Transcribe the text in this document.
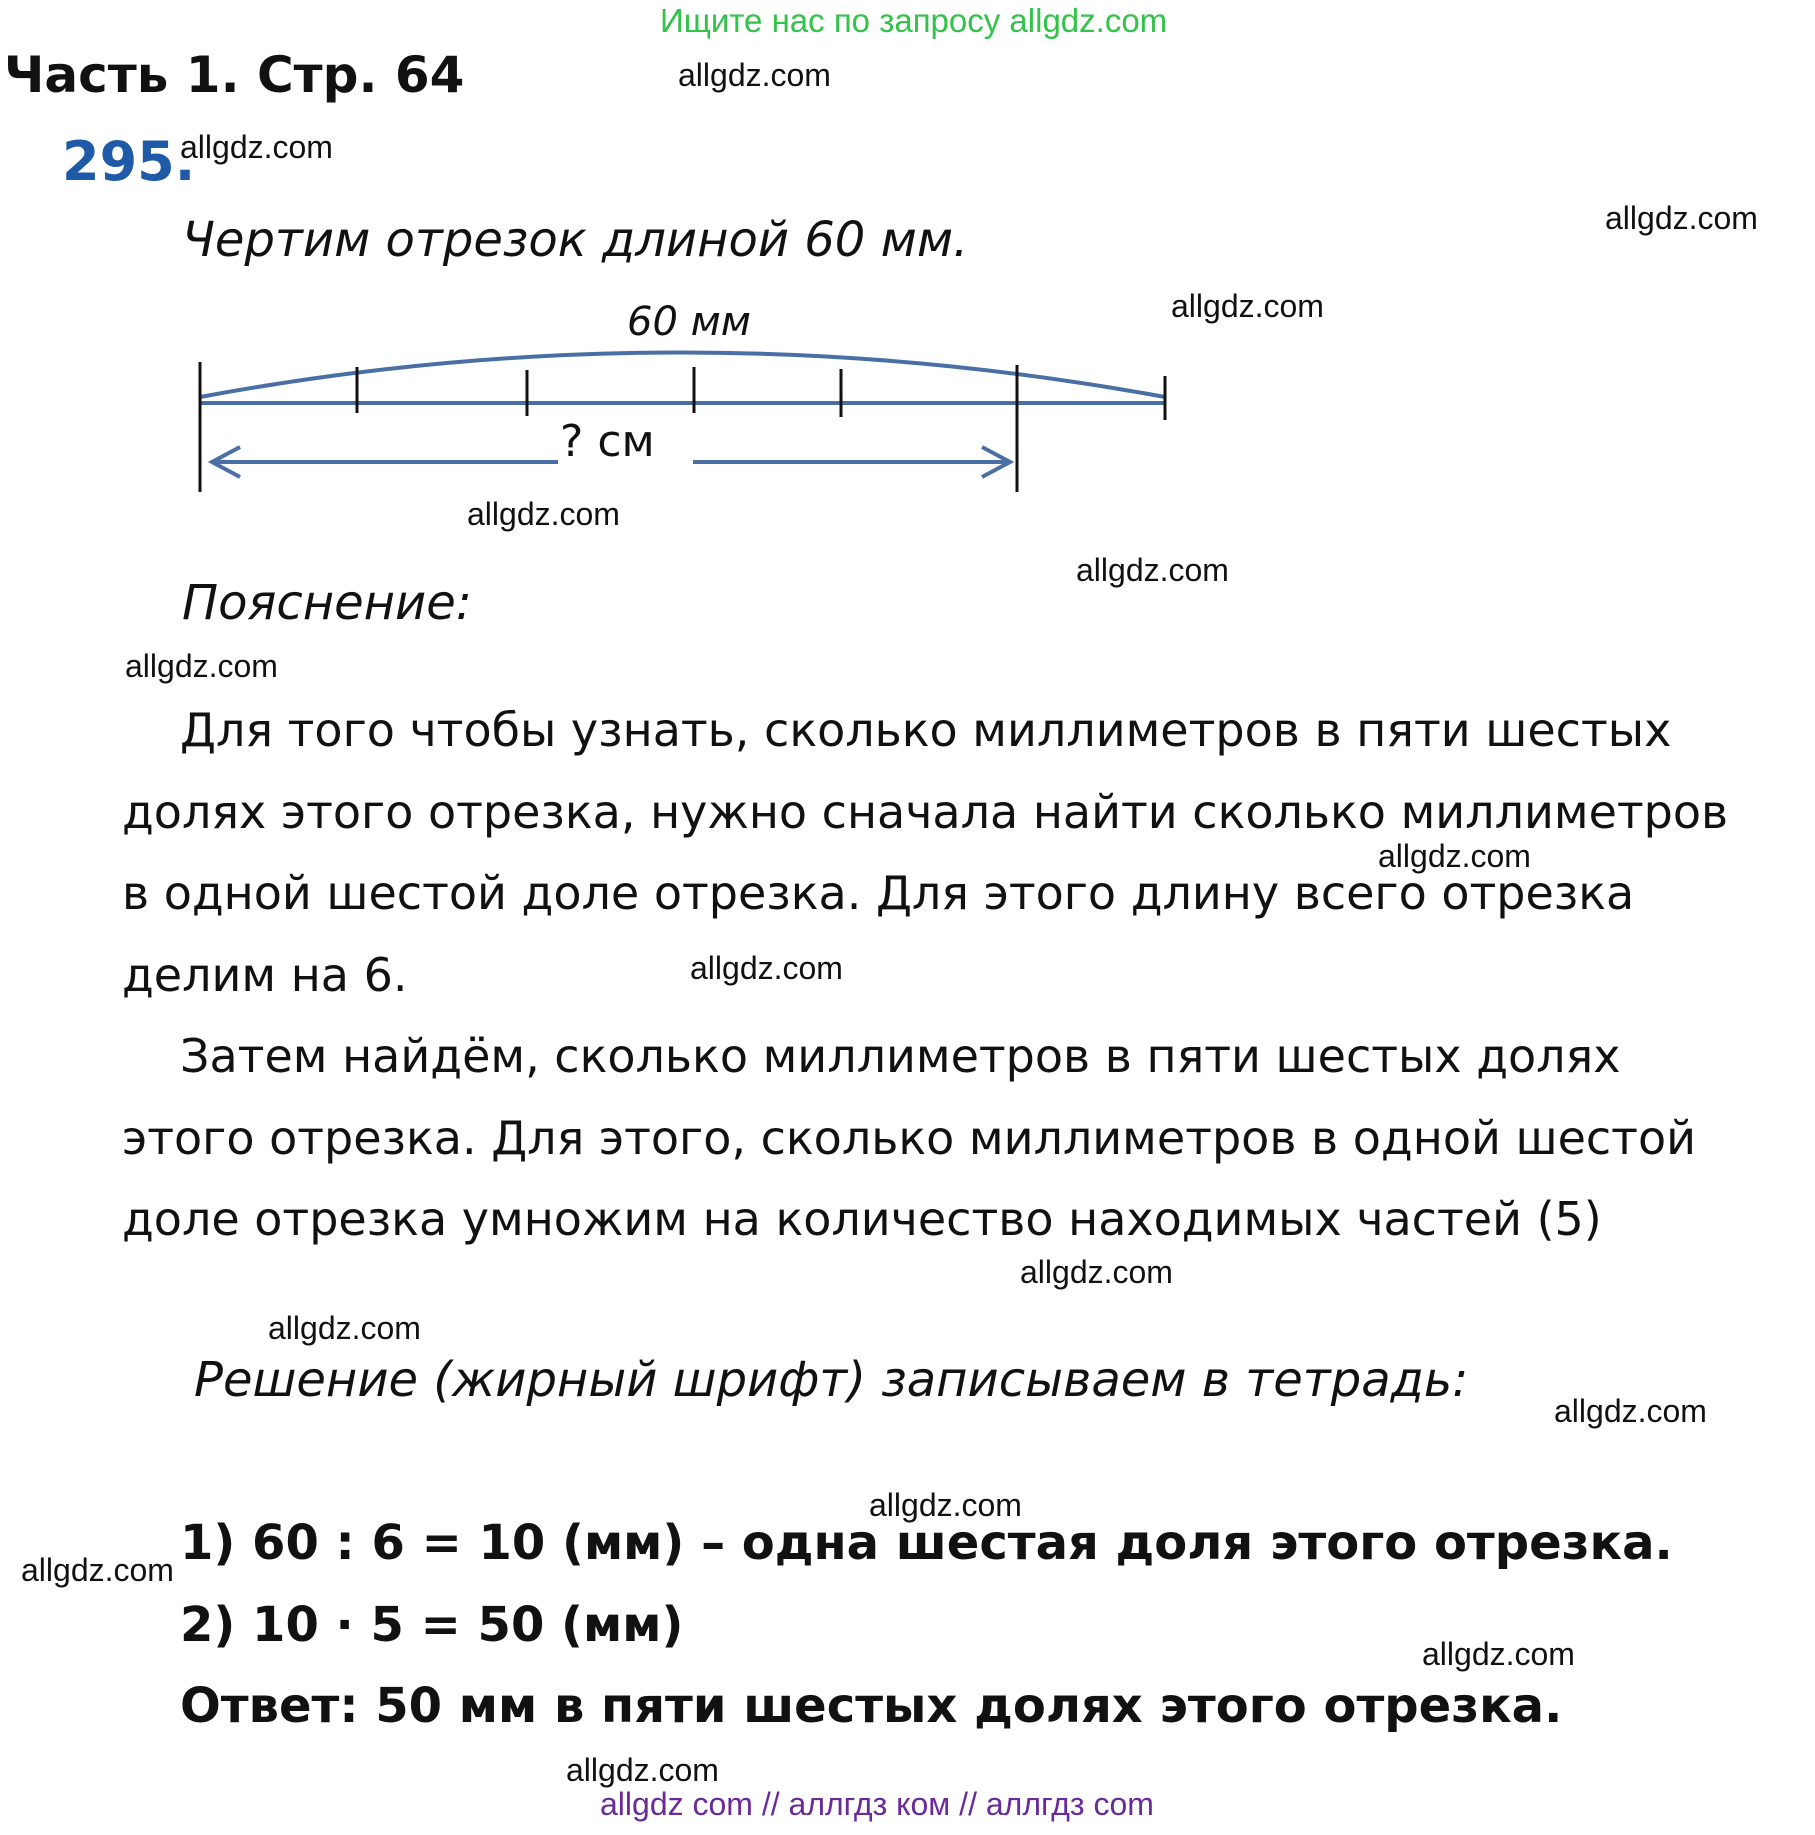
Ищите нас по запросу allgdz.com
Часть 1. Стр. 64
295.
Чертим отрезок длиной 60 мм.
60 мм
? см
Пояснение:
Для того чтобы узнать, сколько миллиметров в пяти шестых
долях этого отрезка, нужно сначала найти сколько миллиметров
в одной шестой доле отрезка. Для этого длину всего отрезка
делим на 6.
Затем найдём, сколько миллиметров в пяти шестых долях
этого отрезка. Для этого, сколько миллиметров в одной шестой
доле отрезка умножим на количество находимых частей (5)
Решение (жирный шрифт) записываем в тетрадь:
1) 60 : 6 = 10 (мм) – одна шестая доля этого отрезка.
2) 10 · 5 = 50 (мм)
Ответ: 50 мм в пяти шестых долях этого отрезка.
allgdz.com
allgdz.com
allgdz.com
allgdz.com
allgdz.com
allgdz.com
allgdz.com
allgdz.com
allgdz.com
allgdz.com
allgdz.com
allgdz.com
allgdz.com
allgdz.com
allgdz.com
allgdz.com
allgdz com // аллгдз ком // аллгдз com
